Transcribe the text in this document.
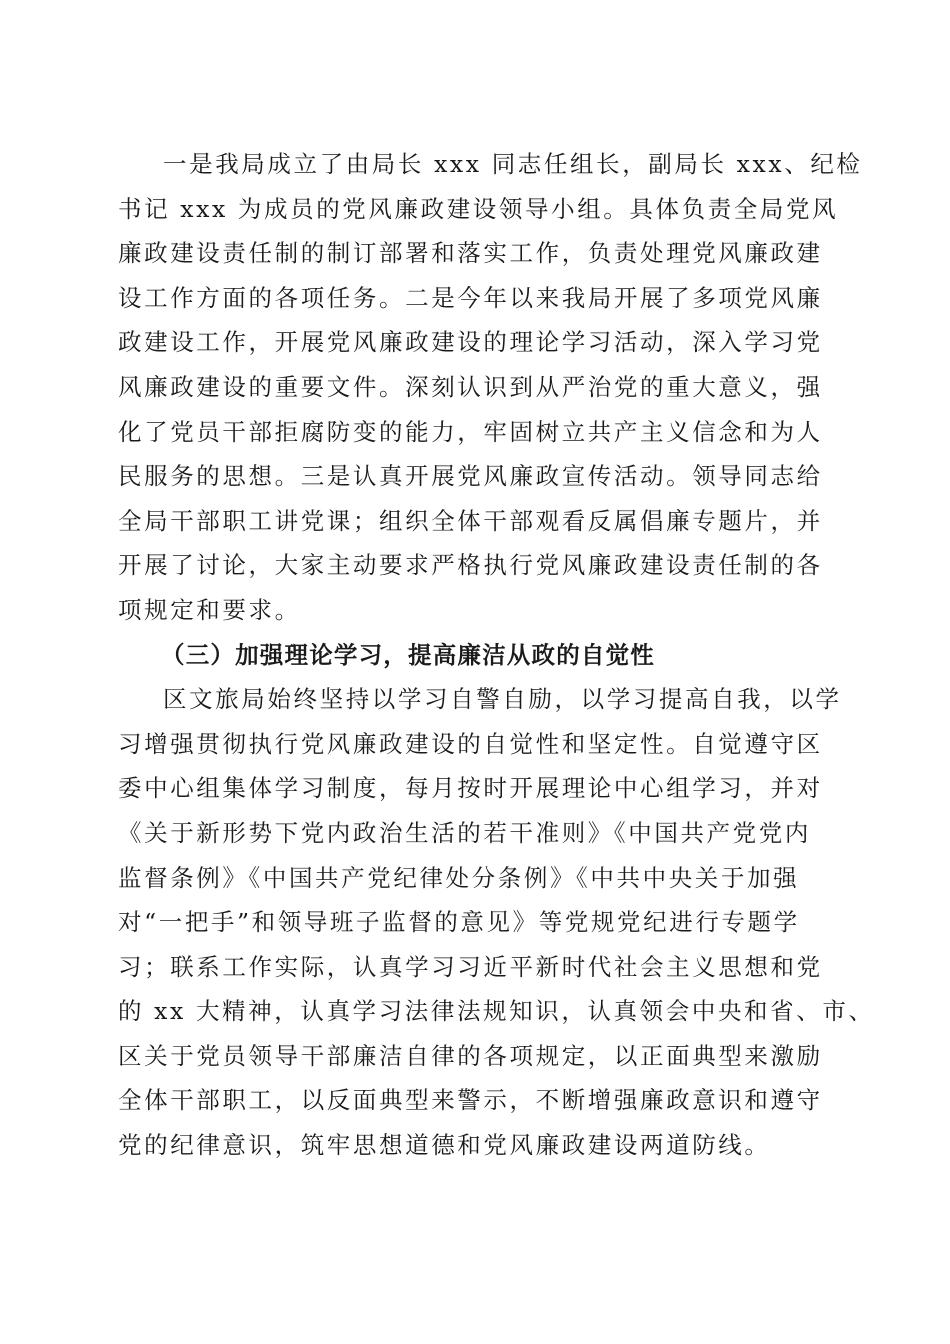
一是我局成立了由局长 xxx 同志任组长，副局长 xxx、纪检
书记 xxx 为成员的党风廉政建设领导小组。具体负责全局党风
廉政建设责任制的制订部署和落实工作，负责处理党风廉政建
设工作方面的各项任务。二是今年以来我局开展了多项党风廉
政建设工作，开展党风廉政建设的理论学习活动，深入学习党
风廉政建设的重要文件。深刻认识到从严治党的重大意义，强
化了党员干部拒腐防变的能力，牢固树立共产主义信念和为人
民服务的思想。三是认真开展党风廉政宣传活动。领导同志给
全局干部职工讲党课；组织全体干部观看反属倡廉专题片，并
开展了讨论，大家主动要求严格执行党风廉政建设责任制的各
项规定和要求。
（三）加强理论学习，提高廉洁从政的自觉性
区文旅局始终坚持以学习自警自励，以学习提高自我，以学
习增强贯彻执行党风廉政建设的自觉性和坚定性。自觉遵守区
委中心组集体学习制度，每月按时开展理论中心组学习，并对
《关于新形势下党内政治生活的若干准则》《中国共产党党内
监督条例》《中国共产党纪律处分条例》《中共中央关于加强
对“一把手”和领导班子监督的意见》等党规党纪进行专题学
习；联系工作实际，认真学习习近平新时代社会主义思想和党
的 xx 大精神，认真学习法律法规知识，认真领会中央和省、市、
区关于党员领导干部廉洁自律的各项规定，以正面典型来激励
全体干部职工，以反面典型来警示，不断增强廉政意识和遵守
党的纪律意识，筑牢思想道德和党风廉政建设两道防线。
